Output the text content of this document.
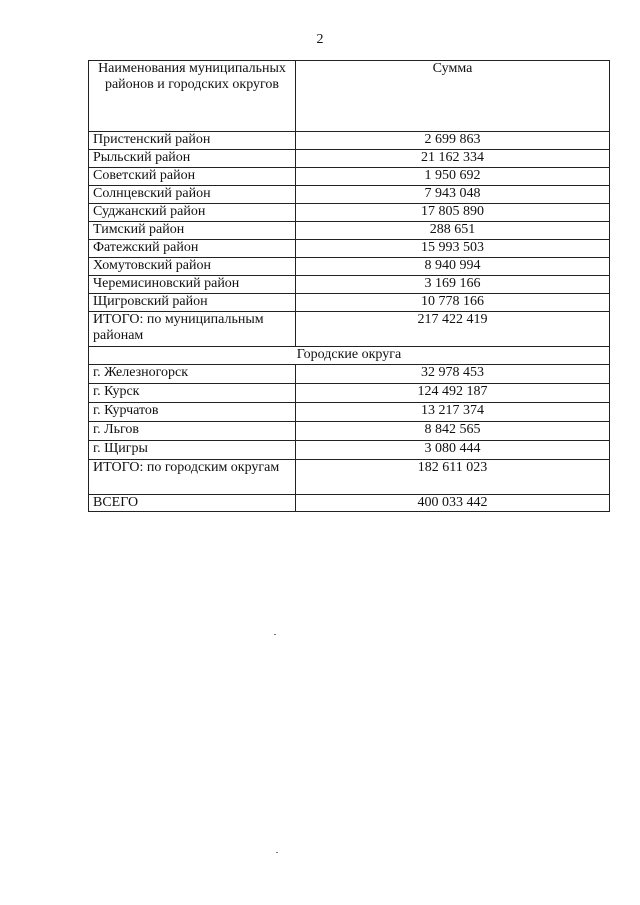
2
Наименования муниципальных районов и городских округов	Сумма
Пристенский район	2 699 863
Рыльский район	21 162 334
Советский район	1 950 692
Солнцевский район	7 943 048
Суджанский район	17 805 890
Тимский район	288 651
Фатежский район	15 993 503
Хомутовский район	8 940 994
Черемисиновский район	3 169 166
Щигровский район	10 778 166
ИТОГО: по муниципальным районам	217 422 419
Городские округа	
г. Железногорск	32 978 453
г. Курск	124 492 187
г. Курчатов	13 217 374
г. Льгов	8 842 565
г. Щигры	3 080 444
ИТОГО: по городским округам	182 611 023
ВСЕГО	400 033 442
